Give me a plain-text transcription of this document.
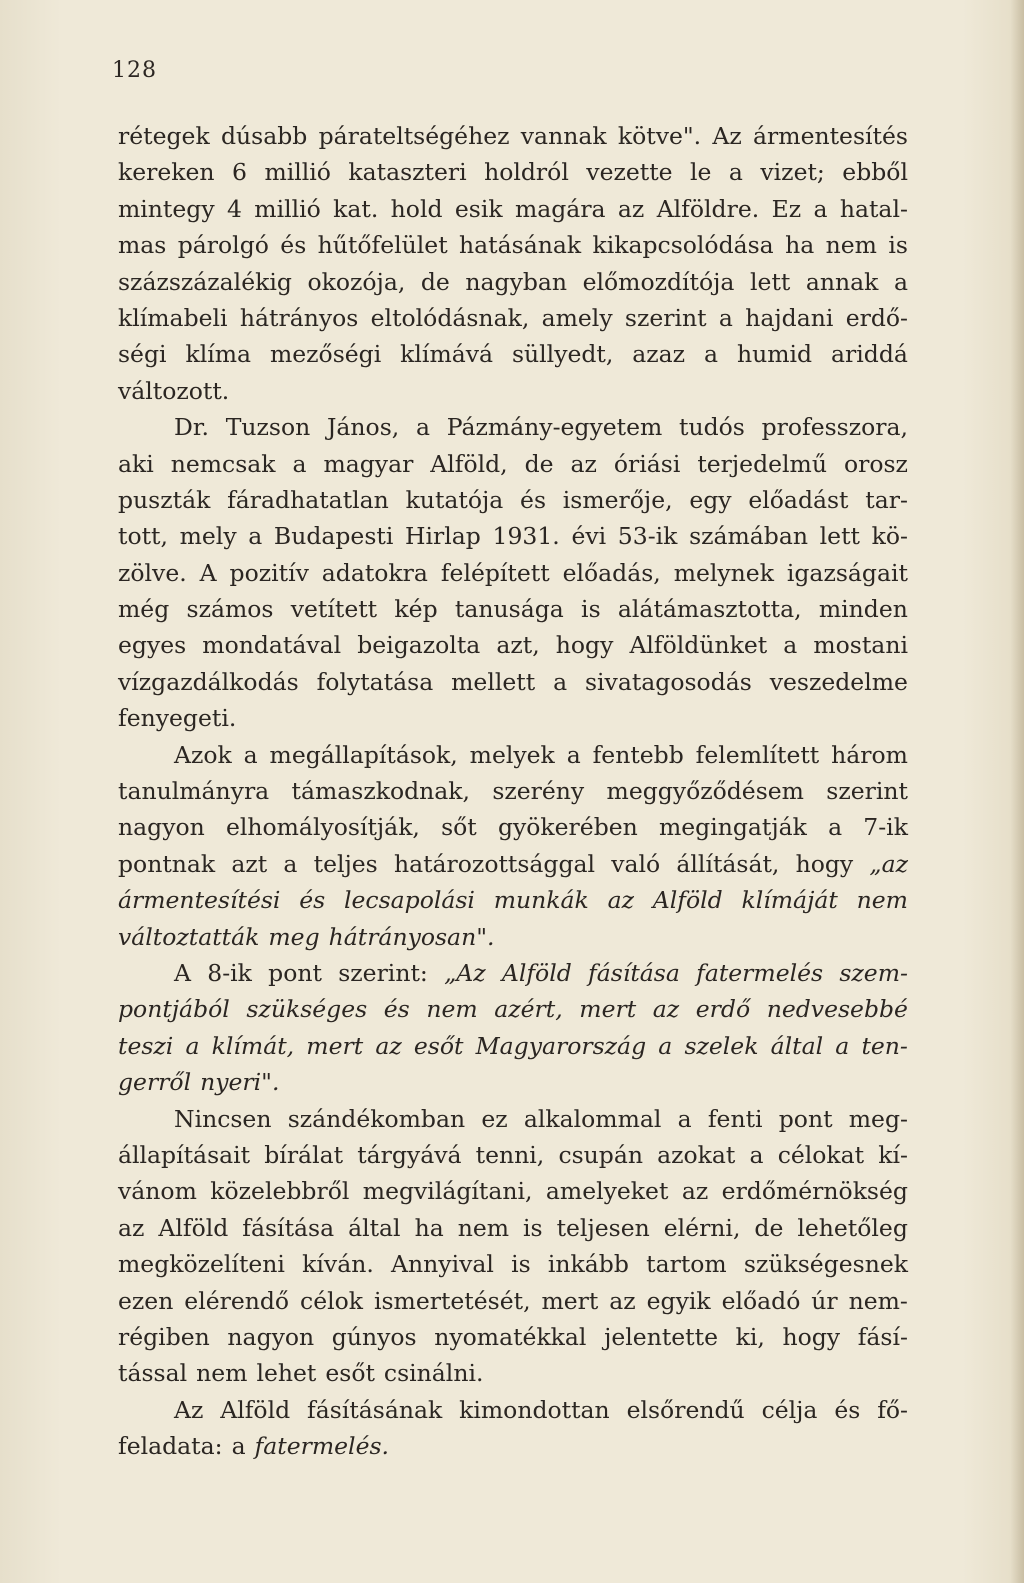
128
rétegek dúsabb párateltségéhez vannak kötve". Az ármentesítés
kereken 6 millió kataszteri holdról vezette le a vizet; ebből
mintegy 4 millió kat. hold esik magára az Alföldre. Ez a hatal-
mas párolgó és hűtőfelület hatásának kikapcsolódása ha nem is
százszázalékig okozója, de nagyban előmozdítója lett annak a
klímabeli hátrányos eltolódásnak, amely szerint a hajdani erdő-
ségi klíma mezőségi klímává süllyedt, azaz a humid ariddá
változott.
Dr. Tuzson János, a Pázmány-egyetem tudós professzora,
aki nemcsak a magyar Alföld, de az óriási terjedelmű orosz
puszták fáradhatatlan kutatója és ismerője, egy előadást tar-
tott, mely a Budapesti Hirlap 1931. évi 53-ik számában lett kö-
zölve. A pozitív adatokra felépített előadás, melynek igazságait
még számos vetített kép tanusága is alátámasztotta, minden
egyes mondatával beigazolta azt, hogy Alföldünket a mostani
vízgazdálkodás folytatása mellett a sivatagosodás veszedelme
fenyegeti.
Azok a megállapítások, melyek a fentebb felemlített három
tanulmányra támaszkodnak, szerény meggyőződésem szerint
nagyon elhomályosítják, sőt gyökerében megingatják a 7-ik
pontnak azt a teljes határozottsággal való állítását, hogy „az
ármentesítési és lecsapolási munkák az Alföld klímáját nem
változtatták meg hátrányosan".
A 8-ik pont szerint: „Az Alföld fásítása fatermelés szem-
pontjából szükséges és nem azért, mert az erdő nedvesebbé
teszi a klímát, mert az esőt Magyarország a szelek által a ten-
gerről nyeri".
Nincsen szándékomban ez alkalommal a fenti pont meg-
állapításait bírálat tárgyává tenni, csupán azokat a célokat kí-
vánom közelebbről megvilágítani, amelyeket az erdőmérnökség
az Alföld fásítása által ha nem is teljesen elérni, de lehetőleg
megközelíteni kíván. Annyival is inkább tartom szükségesnek
ezen elérendő célok ismertetését, mert az egyik előadó úr nem-
régiben nagyon gúnyos nyomatékkal jelentette ki, hogy fásí-
tással nem lehet esőt csinálni.
Az Alföld fásításának kimondottan elsőrendű célja és fő-
feladata: a fatermelés.
